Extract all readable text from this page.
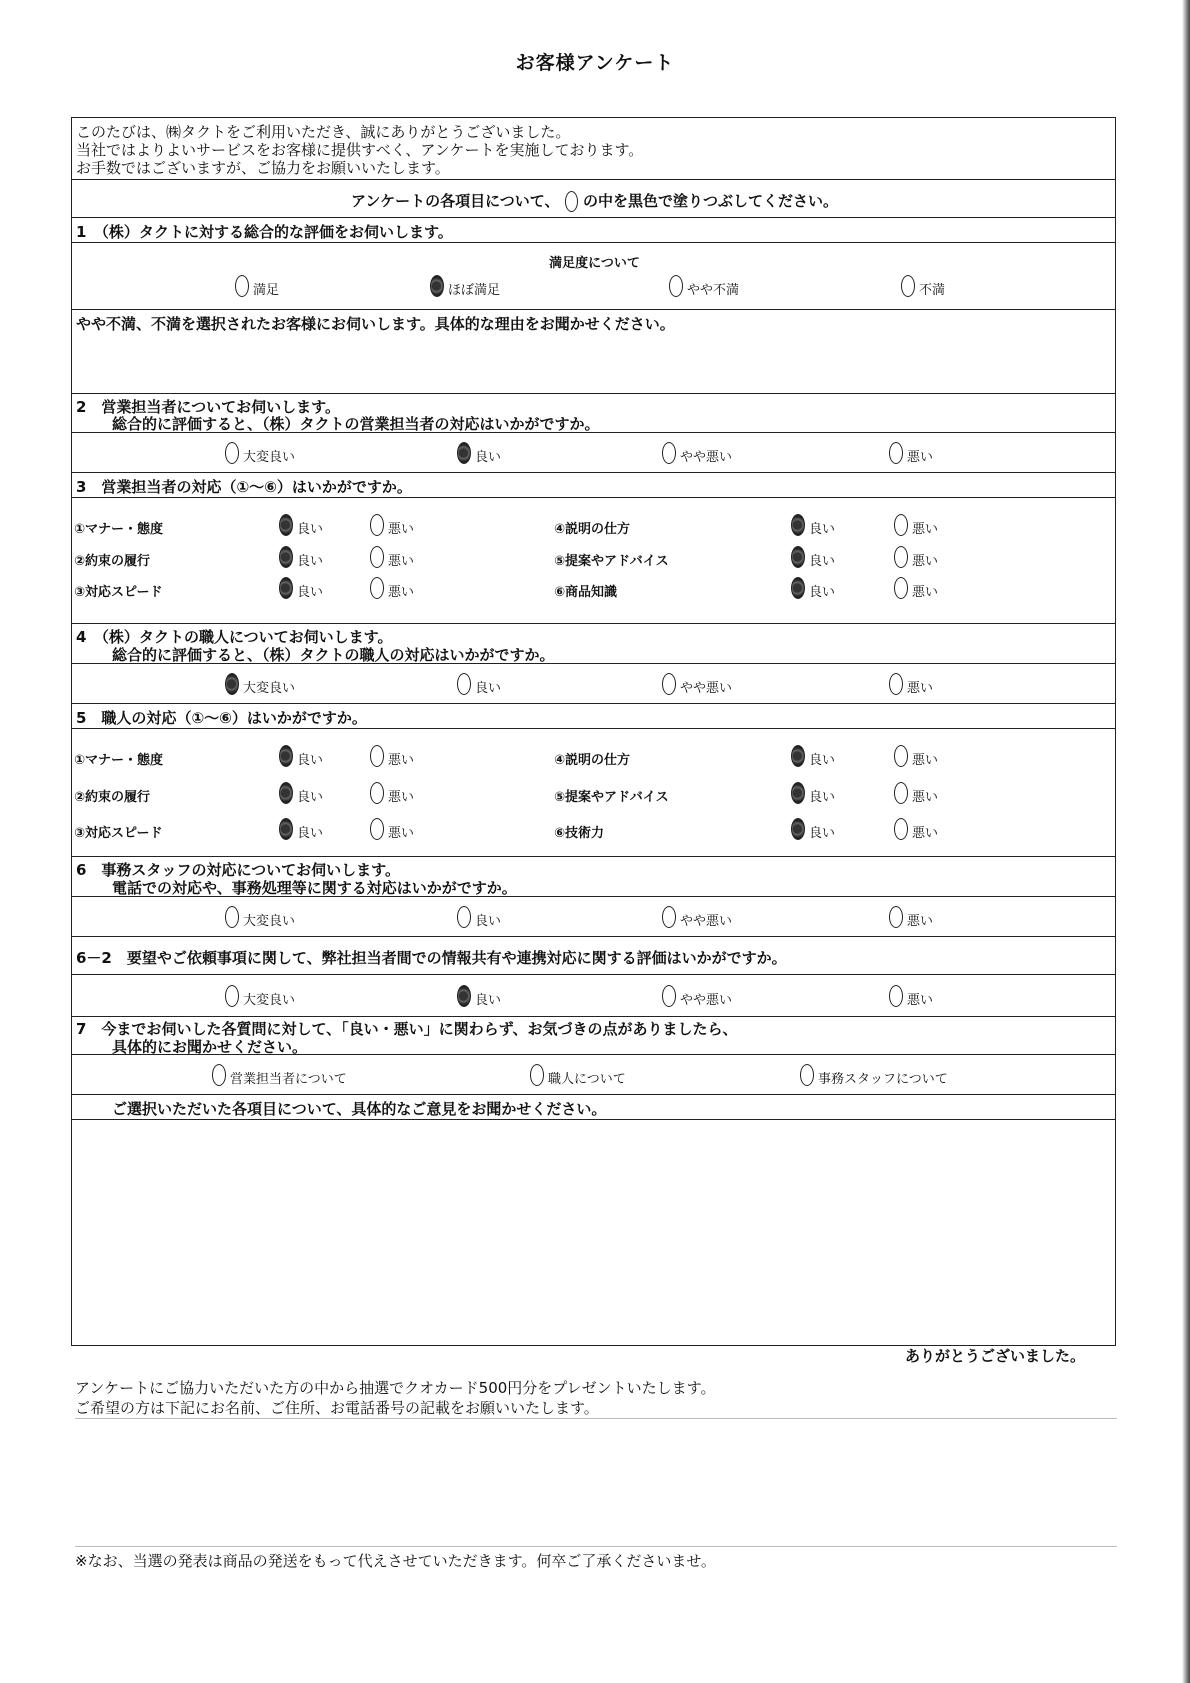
お客様アンケート
このたびは、㈱タクトをご利用いただき、誠にありがとうございました。
当社ではよりよいサービスをお客様に提供すべく、アンケートを実施しております。
お手数ではございますが、ご協力をお願いいたします。
アンケートの各項目について、 の中を黒色で塗りつぶしてください。
1　（株）タクトに対する総合的な評価をお伺いします。
満足度について
満足	ほぼ満足	やや不満	不満
やや不満、不満を選択されたお客様にお伺いします。具体的な理由をお聞かせください。
2　営業担当者についてお伺いします。
総合的に評価すると、（株）タクトの営業担当者の対応はいかがですか。
大変良い	良い	やや悪い	悪い
3　営業担当者の対応（①〜⑥）はいかがですか。
①マナー・態度	良い	悪い
②約束の履行	良い	悪い
③対応スピード	良い	悪い
④説明の仕方	良い	悪い
⑤提案やアドバイス	良い	悪い
⑥商品知識	良い	悪い
4　（株）タクトの職人についてお伺いします。
総合的に評価すると、（株）タクトの職人の対応はいかがですか。
大変良い	良い	やや悪い	悪い
5　職人の対応（①〜⑥）はいかがですか。
①マナー・態度	良い	悪い
②約束の履行	良い	悪い
③対応スピード	良い	悪い
④説明の仕方	良い	悪い
⑤提案やアドバイス	良い	悪い
⑥技術力	良い	悪い
6　事務スタッフの対応についてお伺いします。
電話での対応や、事務処理等に関する対応はいかがですか。
大変良い	良い	やや悪い	悪い
6－2　要望やご依頼事項に関して、弊社担当者間での情報共有や連携対応に関する評価はいかがですか。
大変良い	良い	やや悪い	悪い
7　今までお伺いした各質問に対して、「良い・悪い」に関わらず、お気づきの点がありましたら、
具体的にお聞かせください。
営業担当者について	職人について	事務スタッフについて
ご選択いただいた各項目について、具体的なご意見をお聞かせください。
ありがとうございました。
アンケートにご協力いただいた方の中から抽選でクオカード500円分をプレゼントいたします。
ご希望の方は下記にお名前、ご住所、お電話番号の記載をお願いいたします。
※なお、当選の発表は商品の発送をもって代えさせていただきます。何卒ご了承くださいませ。
